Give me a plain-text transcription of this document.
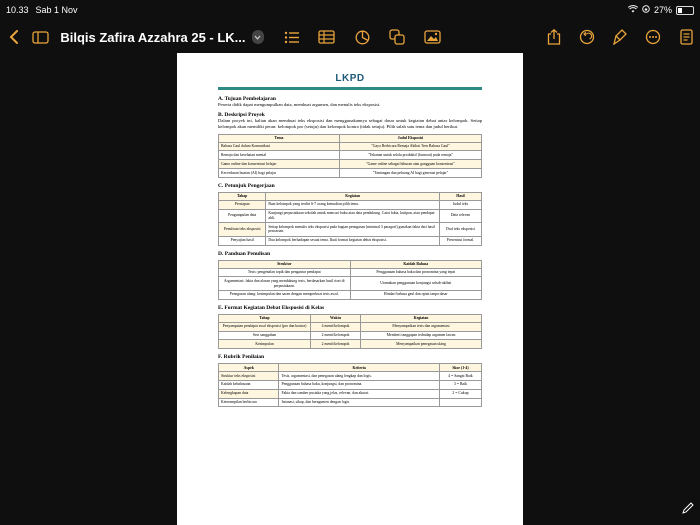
10.33 Sab 1 Nov	27%
Bilqis Zafira Azzahra 25 - LK...
LKPD
A. Tujuan Pembelajaran
Peserta didik dapat mengumpulkan data, membuat argumen, dan menulis teks eksposisi.
B. Deskripsi Proyek
Dalam proyek ini, kalian akan membuat teks eksposisi dan menggunakannya sebagai dasar untuk kegiatan debat antar kelompok. Setiap kelompok akan memiliki peran: kelompok pro (setuju) dan kelompok kontra (tidak setuju). Pilih salah satu tema dan judul berikut.
Tema	Judul Eksposisi
Bahasa Gaul dalam Komunikasi	"Gaya Berbicara Remaja Akibat Tren Bahasa Gaul"
Remaja dan kesehatan mental	"Tekanan untuk selalu produktif (burnout) pada remaja"
Game online dan konsentrasi belajar	"Game online sebagai hiburan atau gangguan konsentrasi"
Kecerdasan buatan (AI) bagi pelajar	"Tantangan dan peluang AI bagi generasi pelajar"
C. Petunjuk Pengerjaan
Tahap	Kegiatan	Hasil
Persiapan	Buat kelompok yang terdiri 6-7 orang kemudian pilih tema.	Judul teks
Pengumpulan data	Kunjungi perpustakaan sekolah untuk mencari buku atau data pendukung. Catat fakta, kutipan, atau pendapat ahli.	Data relevan
Penulisan teks eksposisi	Setiap kelompok menulis teks eksposisi pada bagian penugasan (minimal 3 paragraf) gunakan fakta dari hasil pencarian.	Draf teks eksposisi
Penyajian hasil	Dua kelompok berhadapan sesuai tema. Ikuti format kegiatan debat eksposisi.	Presentasi formal.
D. Panduan Penulisan
Struktur	Kaidah Bahasa
Tesis: pengenalan topik dan pengantar pendapat	Penggunaan bahasa baku dan pronomina yang tepat
Argumentasi: fakta dan alasan yang mendukung tesis, berdasarkan hasil riset di perpustakaan.	Utamakan penggunaan konjungsi sebab-akibat
Penegasan ulang: kesimpulan dan saran dengan memperkuat tesis awal.	Hindari bahasa gaul dan opini tanpa dasar
E. Format Kegiatan Debat Eksposisi di Kelas
Tahap	Waktu	Kegiatan
Penyampaian pendapat awal eksposisi (pro dan kontra)	4 menit/kelompok	Menyampaikan tesis dan argumentasi
Sesi sanggahan	2 menit/kelompok	Memberi tanggapan terhadap argumen lawan
Kesimpulan	2 menit/kelompok	Menyampaikan penegasan ulang
F. Rubrik Penilaian
Aspek	Kriteria	Skor (1-4)
Struktur teks eksposisi	Tesis, argumentasi, dan penegasan ulang lengkap dan logis.	4 = Sangat Baik
Kaidah kebahasaan	Penggunaan bahasa baku, konjungsi, dan pronomina.	3 = Baik
Kelengkapan data	Fakta dan sumber pustaka yang jelas, relevan, dan akurat.	2 = Cukup
Keterampilan berbicara	Intonasi, sikap, dan beragumen dengan logis.	
